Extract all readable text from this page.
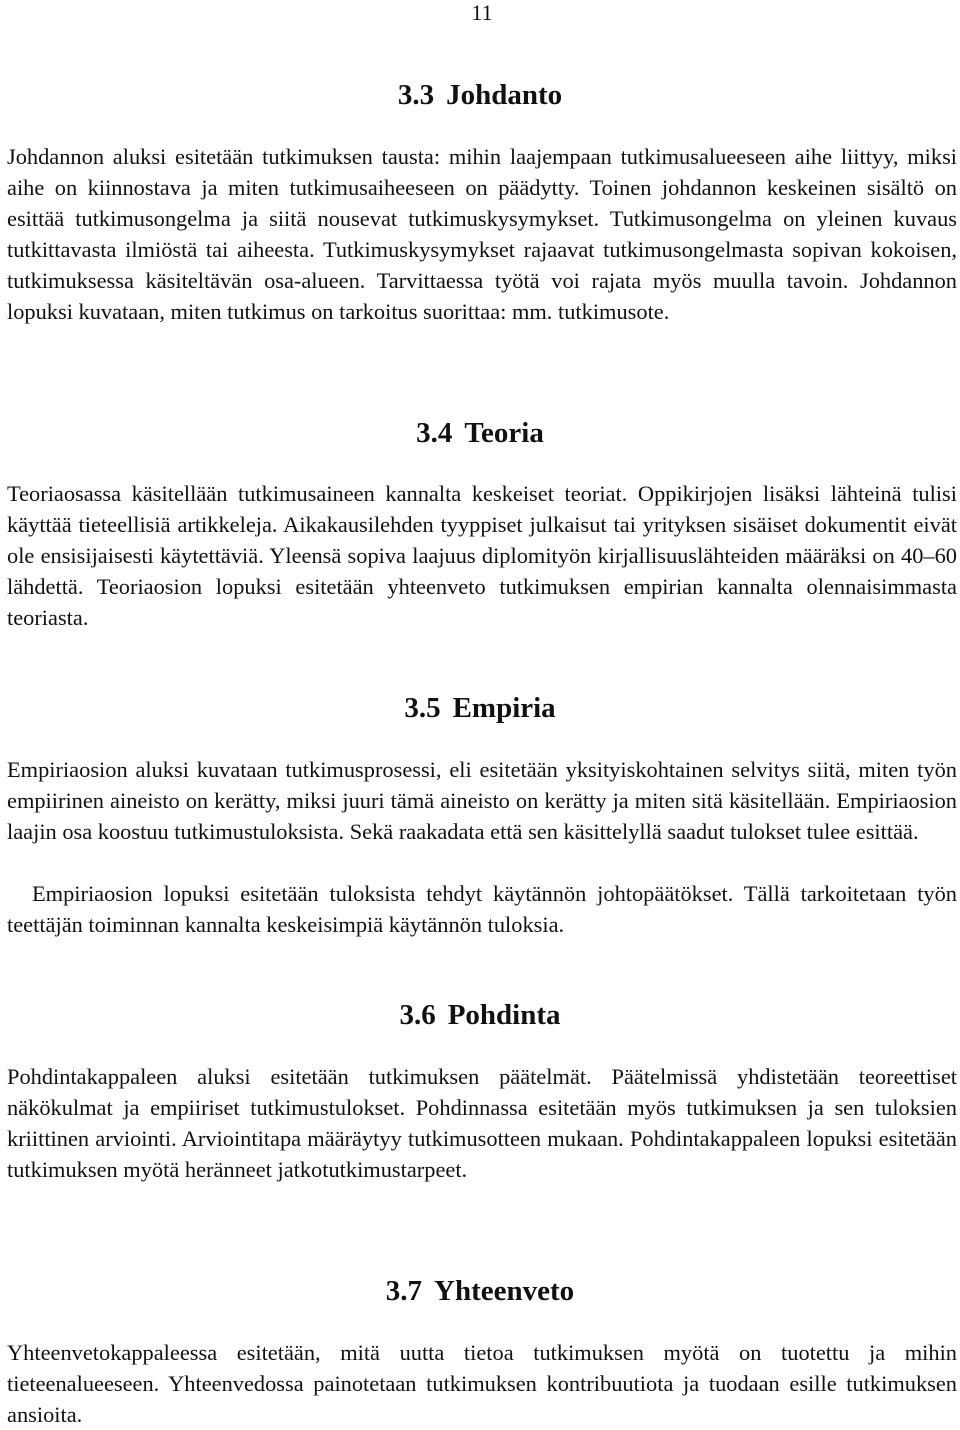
11
3.3 Johdanto

Johdannon aluksi esitetään tutkimuksen tausta: mihin laajempaan tutkimusalueeseen aihe liittyy, miksi aihe on kiinnostava ja miten tutkimusaiheeseen on päädytty. Toinen johdannon keskeinen sisältö on esittää tutkimusongelma ja siitä nousevat tutkimuskysymykset. Tutkimusongelma on yleinen kuvaus tutkittavasta ilmiöstä tai aiheesta. Tutkimuskysymykset rajaavat tutkimusongelmasta sopivan kokoisen, tutkimuksessa käsiteltävän osa-alueen. Tarvittaessa työtä voi rajata myös muulla tavoin. Johdannon lopuksi kuvataan, miten tutkimus on tarkoitus suorittaa: mm. tutkimusote.

3.4 Teoria

Teoriaosassa käsitellään tutkimusaineen kannalta keskeiset teoriat. Oppikirjojen lisäksi lähteinä tulisi käyttää tieteellisiä artikkeleja. Aikakausilehden tyyppiset julkaisut tai yrityksen sisäiset dokumentit eivät ole ensisijaisesti käytettäviä. Yleensä sopiva laajuus diplomityön kirjallisuuslähteiden määräksi on 40–60 lähdettä. Teoriaosion lopuksi esitetään yhteenveto tutkimuksen empirian kannalta olennaisimmasta teoriasta.

3.5 Empiria

Empiriaosion aluksi kuvataan tutkimusprosessi, eli esitetään yksityiskohtainen selvitys siitä, miten työn empiirinen aineisto on kerätty, miksi juuri tämä aineisto on kerätty ja miten sitä käsitellään. Empiriaosion laajin osa koostuu tutkimustuloksista. Sekä raakadata että sen käsittelyllä saadut tulokset tulee esittää.

Empiriaosion lopuksi esitetään tuloksista tehdyt käytännön johtopäätökset. Tällä tarkoitetaan työn teettäjän toiminnan kannalta keskeisimpiä käytännön tuloksia.

3.6 Pohdinta

Pohdintakappaleen aluksi esitetään tutkimuksen päätelmät. Päätelmissä yhdistetään teoreettiset näkökulmat ja empiiriset tutkimustulokset. Pohdinnassa esitetään myös tutkimuksen ja sen tuloksien kriittinen arviointi. Arviointitapa määräytyy tutkimusotteen mukaan. Pohdintakappaleen lopuksi esitetään tutkimuksen myötä heränneet jatkotutkimustarpeet.

3.7 Yhteenveto

Yhteenvetokappaleessa esitetään, mitä uutta tietoa tutkimuksen myötä on tuotettu ja mihin tieteenalueeseen. Yhteenvedossa painotetaan tutkimuksen kontribuutiota ja tuodaan esille tutkimuksen ansioita.
